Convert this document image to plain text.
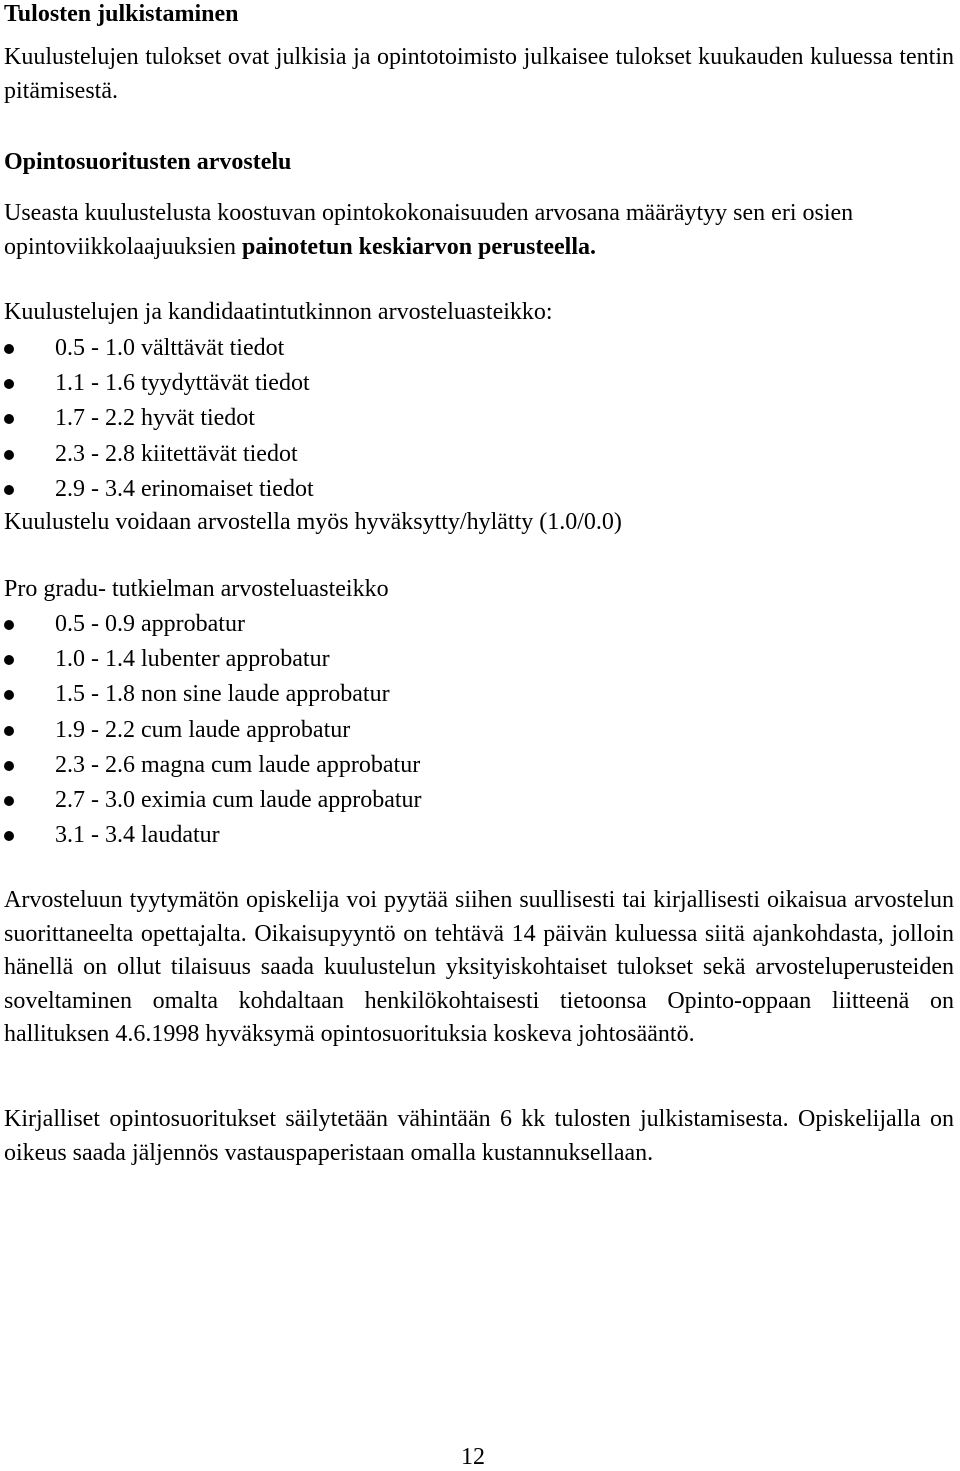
Tulosten julkistaminen

Kuulustelujen tulokset ovat julkisia ja opintotoimisto julkaisee tulokset kuukauden kuluessa tentin pitämisestä.

Opintosuoritusten arvostelu

Useasta kuulustelusta koostuvan opintokokonaisuuden arvosana määräytyy sen eri osien opintoviikkolaajuuksien painotetun keskiarvon perusteella.

Kuulustelujen ja kandidaatintutkinnon arvosteluasteikko:

0.5 - 1.0 välttävät tiedot
1.1 - 1.6 tyydyttävät tiedot
1.7 - 2.2 hyvät tiedot
2.3 - 2.8 kiitettävät tiedot
2.9 - 3.4 erinomaiset tiedot

Kuulustelu voidaan arvostella myös hyväksytty/hylätty (1.0/0.0)

Pro gradu- tutkielman arvosteluasteikko

0.5 - 0.9 approbatur
1.0 - 1.4 lubenter approbatur
1.5 - 1.8 non sine laude approbatur
1.9 - 2.2 cum laude approbatur
2.3 - 2.6 magna cum laude approbatur
2.7 - 3.0 eximia cum laude approbatur
3.1 - 3.4 laudatur

Arvosteluun tyytymätön opiskelija voi pyytää siihen suullisesti tai kirjallisesti oikaisua arvostelun suorittaneelta opettajalta. Oikaisupyyntö on tehtävä 14 päivän kuluessa siitä ajankohdasta, jolloin hänellä on ollut tilaisuus saada kuulustelun yksityiskohtaiset tulokset sekä arvosteluperusteiden soveltaminen omalta kohdaltaan henkilökohtaisesti tietoonsa Opinto-oppaan liitteenä on hallituksen 4.6.1998 hyväksymä opintosuorituksia koskeva johtosääntö.

Kirjalliset opintosuoritukset säilytetään vähintään 6 kk tulosten julkistamisesta. Opiskelijalla on oikeus saada jäljennös vastauspaperistaan omalla kustannuksellaan.

12
